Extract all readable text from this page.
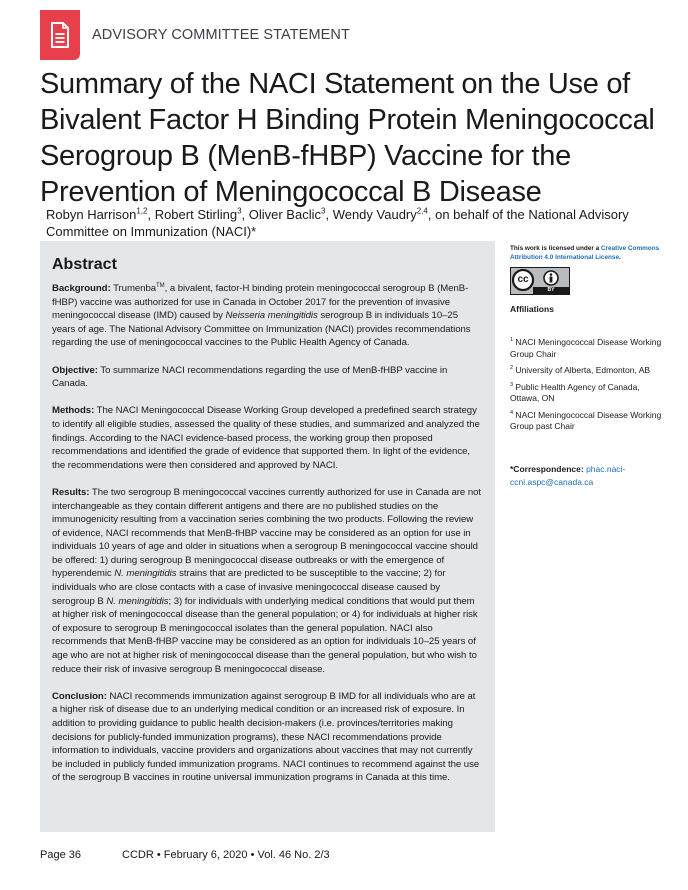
ADVISORY COMMITTEE STATEMENT
Summary of the NACI Statement on the Use of Bivalent Factor H Binding Protein Meningococcal Serogroup B (MenB-fHBP) Vaccine for the Prevention of Meningococcal B Disease
Robyn Harrison$^{1,2}$, Robert Stirling$^3$, Oliver Baclic$^3$, Wendy Vaudry$^{2,4}$, on behalf of the National Advisory Committee on Immunization (NACI)*
Abstract

Background: Trumenba™, a bivalent, factor-H binding protein meningococcal serogroup B (MenB-fHBP) vaccine was authorized for use in Canada in October 2017 for the prevention of invasive meningococcal disease (IMD) caused by Neisseria meningitidis serogroup B in individuals 10–25 years of age. The National Advisory Committee on Immunization (NACI) provides recommendations regarding the use of meningococcal vaccines to the Public Health Agency of Canada.

Objective: To summarize NACI recommendations regarding the use of MenB-fHBP vaccine in Canada.

Methods: The NACI Meningococcal Disease Working Group developed a predefined search strategy to identify all eligible studies, assessed the quality of these studies, and summarized and analyzed the findings. According to the NACI evidence-based process, the working group then proposed recommendations and identified the grade of evidence that supported them. In light of the evidence, the recommendations were then considered and approved by NACI.

Results: The two serogroup B meningococcal vaccines currently authorized for use in Canada are not interchangeable as they contain different antigens and there are no published studies on the immunogenicity resulting from a vaccination series combining the two products. Following the review of evidence, NACI recommends that MenB-fHBP vaccine may be considered as an option for use in individuals 10 years of age and older in situations when a serogroup B meningococcal vaccine should be offered: 1) during serogroup B meningococcal disease outbreaks or with the emergence of hyperendemic N. meningitidis strains that are predicted to be susceptible to the vaccine; 2) for individuals who are close contacts with a case of invasive meningococcal disease caused by serogroup B N. meningitidis; 3) for individuals with underlying medical conditions that would put them at higher risk of meningococcal disease than the general population; or 4) for individuals at higher risk of exposure to serogroup B meningococcal isolates than the general population. NACI also recommends that MenB-fHBP vaccine may be considered as an option for individuals 10–25 years of age who are not at higher risk of meningococcal disease than the general population, but who wish to reduce their risk of invasive serogroup B meningococcal disease.

Conclusion: NACI recommends immunization against serogroup B IMD for all individuals who are at a higher risk of disease due to an underlying medical condition or an increased risk of exposure. In addition to providing guidance to public health decision-makers (i.e. provinces/territories making decisions for publicly-funded immunization programs), these NACI recommendations provide information to individuals, vaccine providers and organizations about vaccines that may not currently be included in publicly funded immunization programs. NACI continues to recommend against the use of the serogroup B vaccines in routine universal immunization programs in Canada at this time.

This work is licensed under a Creative Commons Attribution 4.0 International License.
cc
BY
Affiliations
$^1$ NACI Meningococcal Disease Working Group Chair
$^2$ University of Alberta, Edmonton, AB
$^3$ Public Health Agency of Canada, Ottawa, ON
$^4$ NACI Meningococcal Disease Working Group past Chair
*Correspondence: phac.naci-ccni.aspc@canada.ca
Page 36	CCDR • February 6, 2020 • Vol. 46 No. 2/3
